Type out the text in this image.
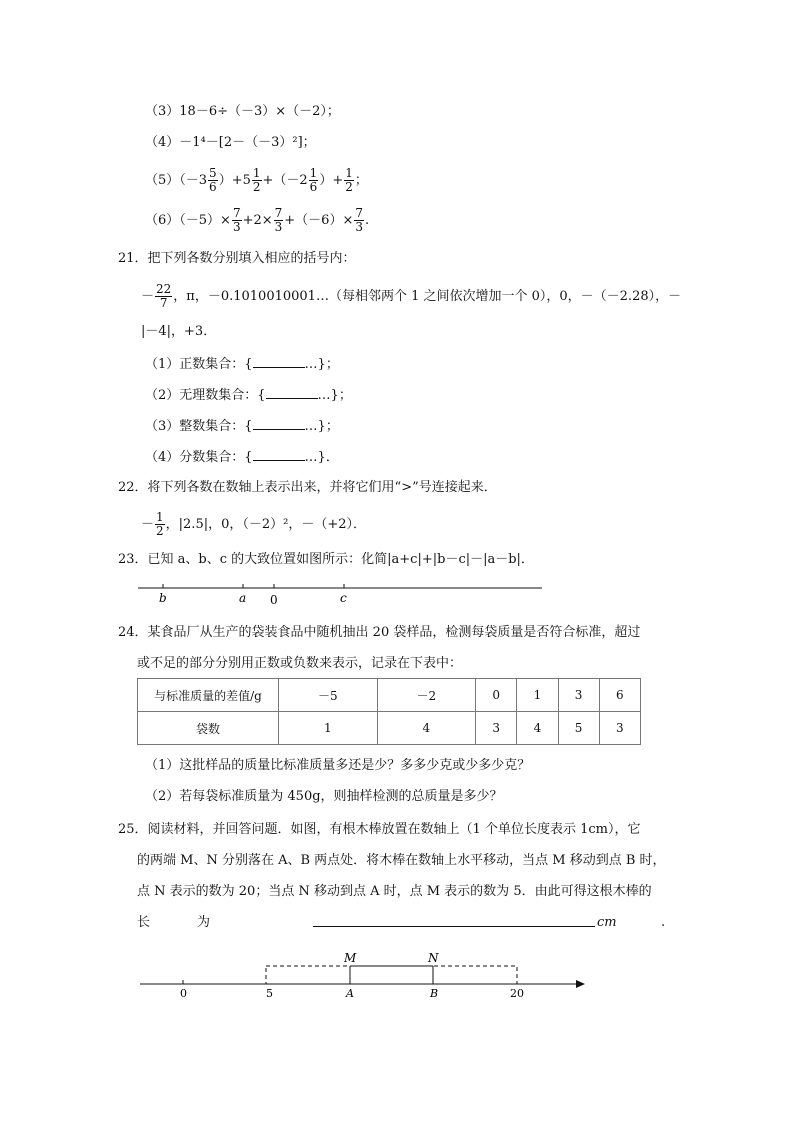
（3）18－6÷（－3）×（－2）；
（4）－1⁴－[2－（－3）²]；
$(5)(-3 \frac{5}{6} )+5 \frac{1}{2} +(-2 \frac{1}{6}$ ）+ $\frac{1}{2}$ ；
$(6)(-5)\times \frac{7}{3} +2\times \frac{7}{3} +(-6)\times \frac{7}{3}$ .
21．把下列各数分别填入相应的括号内：
－ $\frac{22}{7}$ ，π，－0.1010010001…（每相邻两个 1 之间依次增加一个 0），0，－（－2.28），－
|－4|，+3．
（1）正数集合：{	…}；
（2）无理数集合：{	…}；
（3）整数集合：{	…}；
（4）分数集合：{	…}．
22．将下列各数在数轴上表示出来，并将它们用“>”号连接起来．
－ $\frac{1}{2}$ ，|2.5|，0，（－2）²，－（+2）．
23．已知 a、b、c 的大致位置如图所示：化简|a+c|+|b－c|－|a－b|．
b	a 0	c
24．某食品厂从生产的袋装食品中随机抽出 20 袋样品，检测每袋质量是否符合标准，超过
或不足的部分分别用正数或负数来表示，记录在下表中：
与标准质量的差值/g	－5	－2	0	1	3	6
袋数	1	4	3	4	5	3
（1）这批样品的质量比标准质量多还是少？多多少克或少多少克？
（2）若每袋标准质量为 450g，则抽样检测的总质量是多少？
25．阅读材料，并回答问题．如图，有根木棒放置在数轴上（1 个单位长度表示 1cm），它
的两端 M、N 分别落在 A、B 两点处．将木棒在数轴上水平移动，当点 M 移动到点 B 时，
点 N 表示的数为 20；当点 N 移动到点 A 时，点 M 表示的数为 5．由此可得这根木棒的
长	为	cm	.
M	N
0	5	A	B	20
